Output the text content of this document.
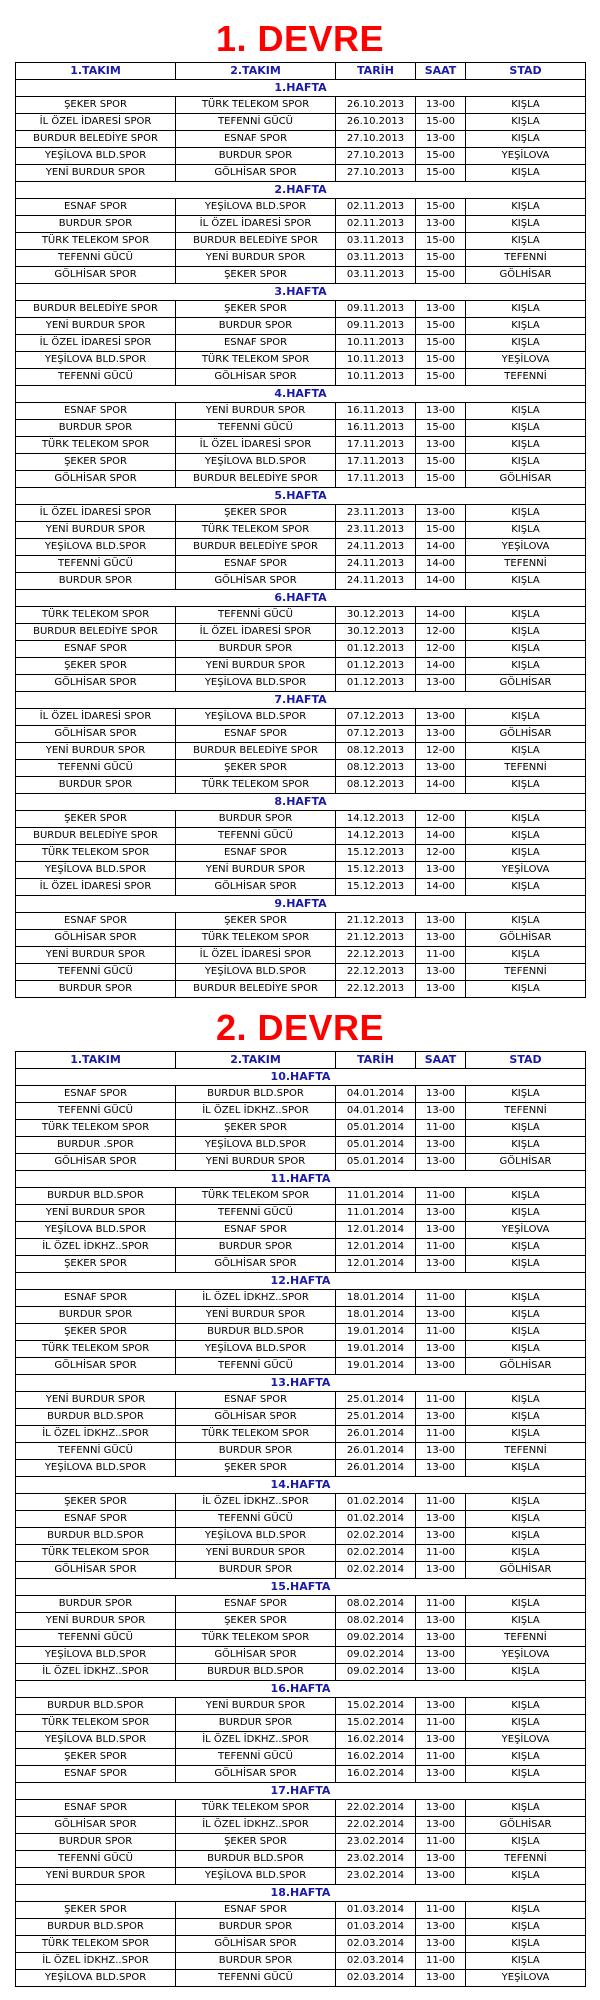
1. DEVRE
1.TAKIM	2.TAKIM	TARİH	SAAT	STAD
1.HAFTA				
ŞEKER SPOR	TÜRK TELEKOM SPOR	26.10.2013	13-00	KIŞLA
İL ÖZEL İDARESİ SPOR	TEFENNİ GÜCÜ	26.10.2013	15-00	KIŞLA
BURDUR BELEDİYE SPOR	ESNAF SPOR	27.10.2013	13-00	KIŞLA
YEŞİLOVA BLD.SPOR	BURDUR SPOR	27.10.2013	15-00	YEŞİLOVA
YENİ BURDUR SPOR	GÖLHİSAR SPOR	27.10.2013	15-00	KIŞLA
2.HAFTA				
ESNAF SPOR	YEŞİLOVA BLD.SPOR	02.11.2013	15-00	KIŞLA
BURDUR SPOR	İL ÖZEL İDARESİ SPOR	02.11.2013	13-00	KIŞLA
TÜRK TELEKOM SPOR	BURDUR BELEDİYE SPOR	03.11.2013	15-00	KIŞLA
TEFENNİ GÜCÜ	YENİ BURDUR SPOR	03.11.2013	15-00	TEFENNİ
GÖLHİSAR SPOR	ŞEKER SPOR	03.11.2013	15-00	GÖLHİSAR
3.HAFTA				
BURDUR BELEDİYE SPOR	ŞEKER SPOR	09.11.2013	13-00	KIŞLA
YENİ BURDUR SPOR	BURDUR SPOR	09.11.2013	15-00	KIŞLA
İL ÖZEL İDARESİ SPOR	ESNAF SPOR	10.11.2013	15-00	KIŞLA
YEŞİLOVA BLD.SPOR	TÜRK TELEKOM SPOR	10.11.2013	15-00	YEŞİLOVA
TEFENNİ GÜCÜ	GÖLHİSAR SPOR	10.11.2013	15-00	TEFENNİ
4.HAFTA				
ESNAF SPOR	YENİ BURDUR SPOR	16.11.2013	13-00	KIŞLA
BURDUR SPOR	TEFENNİ GÜCÜ	16.11.2013	15-00	KIŞLA
TÜRK TELEKOM SPOR	İL ÖZEL İDARESİ SPOR	17.11.2013	13-00	KIŞLA
ŞEKER SPOR	YEŞİLOVA BLD.SPOR	17.11.2013	15-00	KIŞLA
GÖLHİSAR SPOR	BURDUR BELEDİYE SPOR	17.11.2013	15-00	GÖLHİSAR
5.HAFTA				
İL ÖZEL İDARESİ SPOR	ŞEKER SPOR	23.11.2013	13-00	KIŞLA
YENİ BURDUR SPOR	TÜRK TELEKOM SPOR	23.11.2013	15-00	KIŞLA
YEŞİLOVA BLD.SPOR	BURDUR BELEDİYE SPOR	24.11.2013	14-00	YEŞİLOVA
TEFENNİ GÜCÜ	ESNAF SPOR	24.11.2013	14-00	TEFENNİ
BURDUR SPOR	GÖLHİSAR SPOR	24.11.2013	14-00	KIŞLA
6.HAFTA				
TÜRK TELEKOM SPOR	TEFENNİ GÜCÜ	30.12.2013	14-00	KIŞLA
BURDUR BELEDİYE SPOR	İL ÖZEL İDARESİ SPOR	30.12.2013	12-00	KIŞLA
ESNAF SPOR	BURDUR SPOR	01.12.2013	12-00	KIŞLA
ŞEKER SPOR	YENİ BURDUR SPOR	01.12.2013	14-00	KIŞLA
GÖLHİSAR SPOR	YEŞİLOVA BLD.SPOR	01.12.2013	13-00	GÖLHİSAR
7.HAFTA				
İL ÖZEL İDARESİ SPOR	YEŞİLOVA BLD.SPOR	07.12.2013	13-00	KIŞLA
GÖLHİSAR SPOR	ESNAF SPOR	07.12.2013	13-00	GÖLHİSAR
YENİ BURDUR SPOR	BURDUR BELEDİYE SPOR	08.12.2013	12-00	KIŞLA
TEFENNİ GÜCÜ	ŞEKER SPOR	08.12.2013	13-00	TEFENNİ
BURDUR SPOR	TÜRK TELEKOM SPOR	08.12.2013	14-00	KIŞLA
8.HAFTA				
ŞEKER SPOR	BURDUR SPOR	14.12.2013	12-00	KIŞLA
BURDUR BELEDİYE SPOR	TEFENNİ GÜCÜ	14.12.2013	14-00	KIŞLA
TÜRK TELEKOM SPOR	ESNAF SPOR	15.12.2013	12-00	KIŞLA
YEŞİLOVA BLD.SPOR	YENİ BURDUR SPOR	15.12.2013	13-00	YEŞİLOVA
İL ÖZEL İDARESİ SPOR	GÖLHİSAR SPOR	15.12.2013	14-00	KIŞLA
9.HAFTA				
ESNAF SPOR	ŞEKER SPOR	21.12.2013	13-00	KIŞLA
GÖLHİSAR SPOR	TÜRK TELEKOM SPOR	21.12.2013	13-00	GÖLHİSAR
YENİ BURDUR SPOR	İL ÖZEL İDARESİ SPOR	22.12.2013	11-00	KIŞLA
TEFENNİ GÜCÜ	YEŞİLOVA BLD.SPOR	22.12.2013	13-00	TEFENNİ
BURDUR SPOR	BURDUR BELEDİYE SPOR	22.12.2013	13-00	KIŞLA
2. DEVRE
1.TAKIM	2.TAKIM	TARİH	SAAT	STAD
10.HAFTA				
ESNAF SPOR	BURDUR BLD.SPOR	04.01.2014	13-00	KIŞLA
TEFENNİ GÜCÜ	İL ÖZEL İDKHZ..SPOR	04.01.2014	13-00	TEFENNİ
TÜRK TELEKOM SPOR	ŞEKER SPOR	05.01.2014	11-00	KIŞLA
BURDUR .SPOR	YEŞİLOVA BLD.SPOR	05.01.2014	13-00	KIŞLA
GÖLHİSAR SPOR	YENİ BURDUR SPOR	05.01.2014	13-00	GÖLHİSAR
11.HAFTA				
BURDUR BLD.SPOR	TÜRK TELEKOM SPOR	11.01.2014	11-00	KIŞLA
YENİ BURDUR SPOR	TEFENNİ GÜCÜ	11.01.2014	13-00	KIŞLA
YEŞİLOVA BLD.SPOR	ESNAF SPOR	12.01.2014	13-00	YEŞİLOVA
İL ÖZEL İDKHZ..SPOR	BURDUR SPOR	12.01.2014	11-00	KIŞLA
ŞEKER SPOR	GÖLHİSAR SPOR	12.01.2014	13-00	KIŞLA
12.HAFTA				
ESNAF SPOR	İL ÖZEL İDKHZ..SPOR	18.01.2014	11-00	KIŞLA
BURDUR SPOR	YENİ BURDUR SPOR	18.01.2014	13-00	KIŞLA
ŞEKER SPOR	BURDUR BLD.SPOR	19.01.2014	11-00	KIŞLA
TÜRK TELEKOM SPOR	YEŞİLOVA BLD.SPOR	19.01.2014	13-00	KIŞLA
GÖLHİSAR SPOR	TEFENNİ GÜCÜ	19.01.2014	13-00	GÖLHİSAR
13.HAFTA				
YENİ BURDUR SPOR	ESNAF SPOR	25.01.2014	11-00	KIŞLA
BURDUR BLD.SPOR	GÖLHİSAR SPOR	25.01.2014	13-00	KIŞLA
İL ÖZEL İDKHZ..SPOR	TÜRK TELEKOM SPOR	26.01.2014	11-00	KIŞLA
TEFENNİ GÜCÜ	BURDUR SPOR	26.01.2014	13-00	TEFENNİ
YEŞİLOVA BLD.SPOR	ŞEKER SPOR	26.01.2014	13-00	KIŞLA
14.HAFTA				
ŞEKER SPOR	İL ÖZEL İDKHZ..SPOR	01.02.2014	11-00	KIŞLA
ESNAF SPOR	TEFENNİ GÜCÜ	01.02.2014	13-00	KIŞLA
BURDUR BLD.SPOR	YEŞİLOVA BLD.SPOR	02.02.2014	13-00	KIŞLA
TÜRK TELEKOM SPOR	YENİ BURDUR SPOR	02.02.2014	11-00	KIŞLA
GÖLHİSAR SPOR	BURDUR SPOR	02.02.2014	13-00	GÖLHİSAR
15.HAFTA				
BURDUR SPOR	ESNAF SPOR	08.02.2014	11-00	KIŞLA
YENİ BURDUR SPOR	ŞEKER SPOR	08.02.2014	13-00	KIŞLA
TEFENNİ GÜCÜ	TÜRK TELEKOM SPOR	09.02.2014	13-00	TEFENNİ
YEŞİLOVA BLD.SPOR	GÖLHİSAR SPOR	09.02.2014	13-00	YEŞİLOVA
İL ÖZEL İDKHZ..SPOR	BURDUR BLD.SPOR	09.02.2014	13-00	KIŞLA
16.HAFTA				
BURDUR BLD.SPOR	YENİ BURDUR SPOR	15.02.2014	13-00	KIŞLA
TÜRK TELEKOM SPOR	BURDUR SPOR	15.02.2014	11-00	KIŞLA
YEŞİLOVA BLD.SPOR	İL ÖZEL İDKHZ..SPOR	16.02.2014	13-00	YEŞİLOVA
ŞEKER SPOR	TEFENNİ GÜCÜ	16.02.2014	11-00	KIŞLA
ESNAF SPOR	GÖLHİSAR SPOR	16.02.2014	13-00	KIŞLA
17.HAFTA				
ESNAF SPOR	TÜRK TELEKOM SPOR	22.02.2014	13-00	KIŞLA
GÖLHİSAR SPOR	İL ÖZEL İDKHZ..SPOR	22.02.2014	13-00	GÖLHİSAR
BURDUR SPOR	ŞEKER SPOR	23.02.2014	11-00	KIŞLA
TEFENNİ GÜCÜ	BURDUR BLD.SPOR	23.02.2014	13-00	TEFENNİ
YENİ BURDUR SPOR	YEŞİLOVA BLD.SPOR	23.02.2014	13-00	KIŞLA
18.HAFTA				
ŞEKER SPOR	ESNAF SPOR	01.03.2014	11-00	KIŞLA
BURDUR BLD.SPOR	BURDUR SPOR	01.03.2014	13-00	KIŞLA
TÜRK TELEKOM SPOR	GÖLHİSAR SPOR	02.03.2014	13-00	KIŞLA
İL ÖZEL İDKHZ..SPOR	BURDUR SPOR	02.03.2014	11-00	KIŞLA
YEŞİLOVA BLD.SPOR	TEFENNİ GÜCÜ	02.03.2014	13-00	YEŞİLOVA
